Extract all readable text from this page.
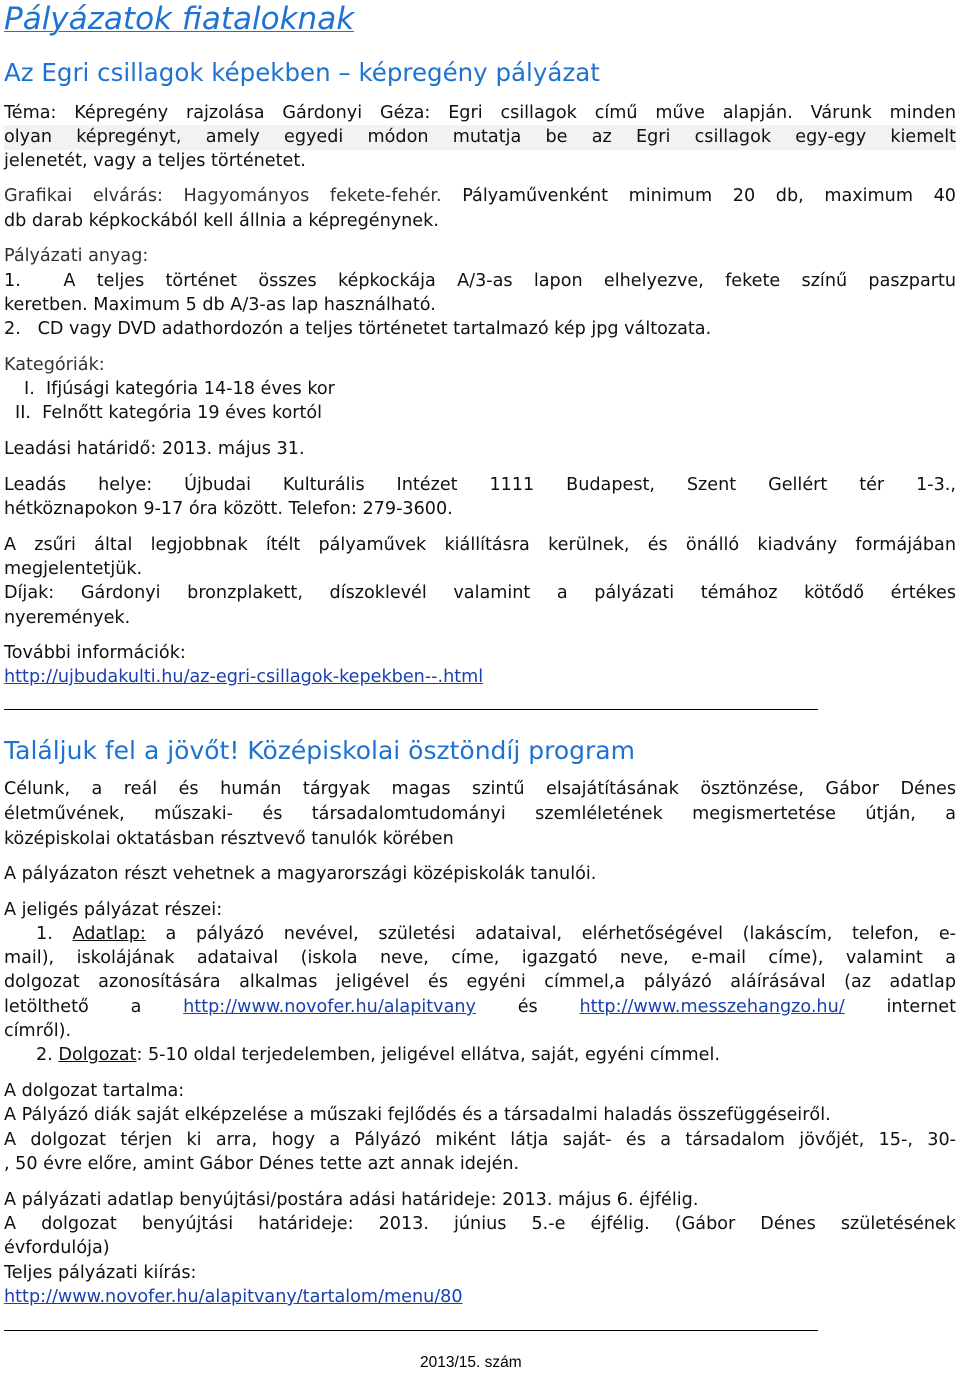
Pályázatok fiataloknak
Az Egri csillagok képekben – képregény pályázat
Téma: Képregény rajzolása Gárdonyi Géza: Egri csillagok című műve alapján. Várunk minden
olyan képregényt, amely egyedi módon mutatja be az Egri csillagok egy-egy kiemelt
jelenetét, vagy a teljes történetet.
Grafikai elvárás: Hagyományos fekete-fehér. Pályaművenként minimum 20 db, maximum 40
db darab képkockából kell állnia a képregénynek.
Pályázati anyag:
1. A teljes történet összes képkockája A/3-as lapon elhelyezve, fekete színű paszpartu
keretben. Maximum 5 db A/3-as lap használható.
2. CD vagy DVD adathordozón a teljes történetet tartalmazó kép jpg változata.
Kategóriák:
I.  Ifjúsági kategória 14-18 éves kor
II.  Felnőtt kategória 19 éves kortól
Leadási határidő: 2013. május 31.
Leadás helye: Újbudai Kulturális Intézet 1111 Budapest, Szent Gellért tér 1-3.,
hétköznapokon 9-17 óra között. Telefon: 279-3600.
A zsűri által legjobbnak ítélt pályaművek kiállításra kerülnek, és önálló kiadvány formájában
megjelentetjük.
Díjak: Gárdonyi bronzplakett, díszoklevél valamint a pályázati témához kötődő értékes
nyeremények.
További információk:
http://ujbudakulti.hu/az-egri-csillagok-kepekben--.html
Találjuk fel a jövőt! Középiskolai ösztöndíj program
Célunk, a reál és humán tárgyak magas szintű elsajátításának ösztönzése, Gábor Dénes
életművének, műszaki- és társadalomtudományi szemléletének megismertetése útján, a
középiskolai oktatásban résztvevő tanulók körében
A pályázaton részt vehetnek a magyarországi középiskolák tanulói.
A jeligés pályázat részei:
1. Adatlap: a pályázó nevével, születési adataival, elérhetőségével (lakáscím, telefon, e-
mail), iskolájának adataival (iskola neve, címe, igazgató neve, e-mail címe), valamint a
dolgozat azonosítására alkalmas jeligével és egyéni címmel,a pályázó aláírásával (az adatlap
letölthető a http://www.novofer.hu/alapitvany és http://www.messzehangzo.hu/ internet
címről).
2. Dolgozat: 5-10 oldal terjedelemben, jeligével ellátva, saját, egyéni címmel.
A dolgozat tartalma:
A Pályázó diák saját elképzelése a műszaki fejlődés és a társadalmi haladás összefüggéseiről.
A dolgozat térjen ki arra, hogy a Pályázó miként látja saját- és a társadalom jövőjét, 15-, 30-
, 50 évre előre, amint Gábor Dénes tette azt annak idején.
A pályázati adatlap benyújtási/postára adási határideje: 2013. május 6. éjfélig.
A dolgozat benyújtási határideje: 2013. június 5.-e éjfélig. (Gábor Dénes születésének
évfordulója)
Teljes pályázati kiírás:
http://www.novofer.hu/alapitvany/tartalom/menu/80
2013/15. szám
